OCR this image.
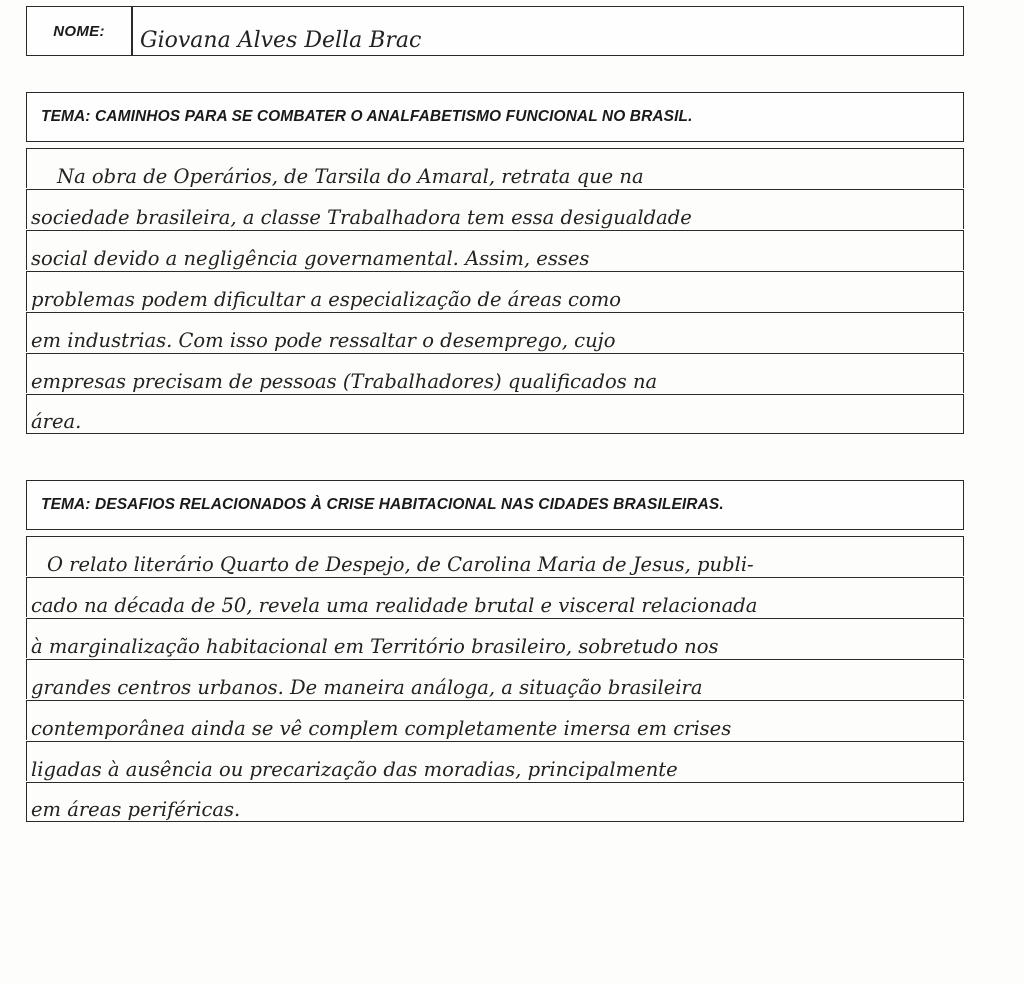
NOME: Giovana Alves Della Brac
TEMA: CAMINHOS PARA SE COMBATER O ANALFABETISMO FUNCIONAL NO BRASIL.
Na obra de Operários, de Tarsila do Amaral, retrata que na
sociedade brasileira, a classe Trabalhadora tem essa desigualdade
social devido a negligência governamental. Assim, esses
problemas podem dificultar a especialização de áreas como
em industrias. Com isso pode ressaltar o desemprego, cujo
empresas precisam de pessoas (Trabalhadores) qualificados na
área.
TEMA: DESAFIOS RELACIONADOS À CRISE HABITACIONAL NAS CIDADES BRASILEIRAS.
O relato literário Quarto de Despejo, de Carolina Maria de Jesus, publi-
cado na década de 50, revela uma realidade brutal e visceral relacionada
à marginalização habitacional em Território brasileiro, sobretudo nos
grandes centros urbanos. De maneira análoga, a situação brasileira
contemporânea ainda se vê complem completamente imersa em crises
ligadas à ausência ou precarização das moradias, principalmente
em áreas periféricas.
